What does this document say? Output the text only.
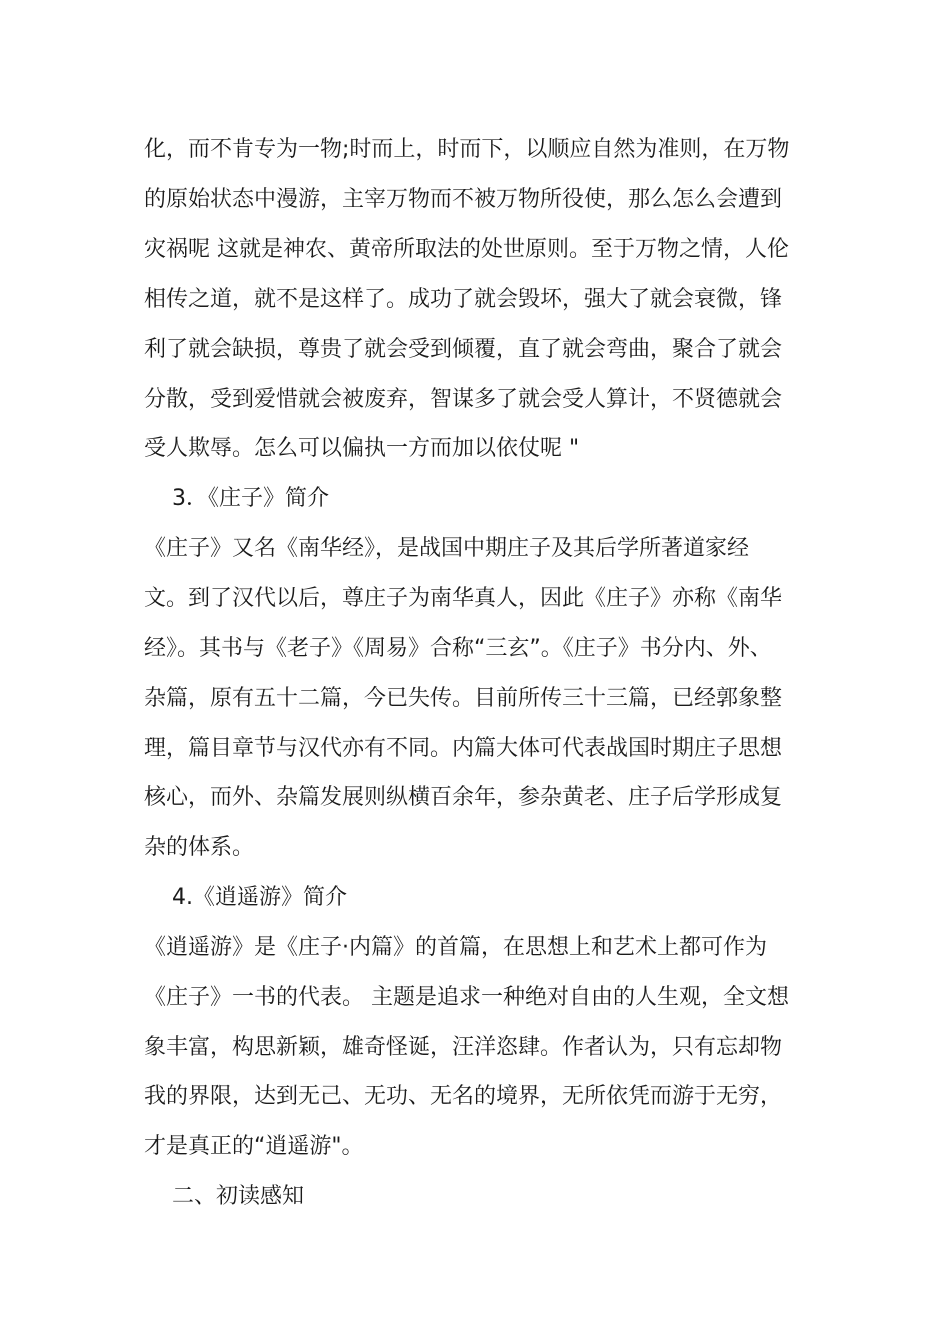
化，而不肯专为一物;时而上，时而下，以顺应自然为准则，在万物
的原始状态中漫游，主宰万物而不被万物所役使，那么怎么会遭到
灾祸呢 这就是神农、黄帝所取法的处世原则。至于万物之情，人伦
相传之道，就不是这样了。成功了就会毁坏，强大了就会衰微，锋
利了就会缺损，尊贵了就会受到倾覆，直了就会弯曲，聚合了就会
分散，受到爱惜就会被废弃，智谋多了就会受人算计，不贤德就会
受人欺辱。怎么可以偏执一方而加以依仗呢 "
3．《庄子》简介
《庄子》又名《南华经》，是战国中期庄子及其后学所著道家经
文。到了汉代以后，尊庄子为南华真人，因此《庄子》亦称《南华
经》。其书与《老子》《周易》合称“三玄”。《庄子》书分内、外、
杂篇，原有五十二篇，今已失传。目前所传三十三篇，已经郭象整
理，篇目章节与汉代亦有不同。内篇大体可代表战国时期庄子思想
核心，而外、杂篇发展则纵横百余年，参杂黄老、庄子后学形成复
杂的体系。
4.《逍遥游》简介
《逍遥游》是《庄子·内篇》的首篇，在思想上和艺术上都可作为
《庄子》一书的代表。 主题是追求一种绝对自由的人生观，全文想
象丰富，构思新颖，雄奇怪诞，汪洋恣肆。作者认为，只有忘却物
我的界限，达到无己、无功、无名的境界，无所依凭而游于无穷，
才是真正的“逍遥游"。
二、初读感知
